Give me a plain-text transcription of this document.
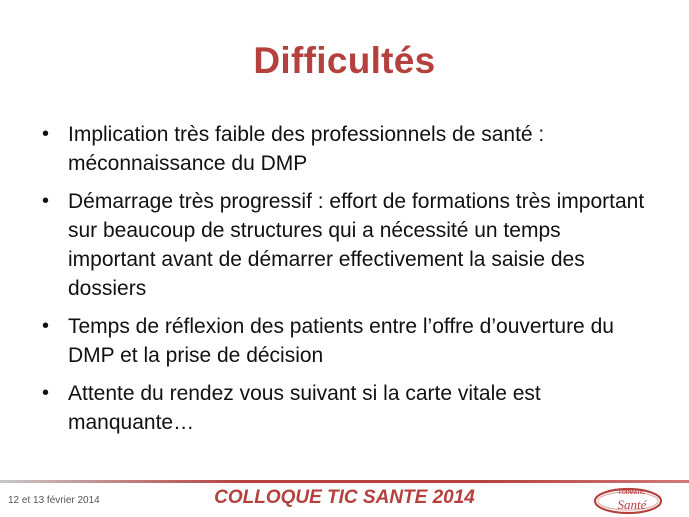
Difficultés
• Implication très faible des professionnels de santé : méconnaissance du DMP
• Démarrage très progressif : effort de formations très important sur beaucoup de structures qui a nécessité un temps important avant de démarrer effectivement la saisie des dossiers
• Temps de réflexion des patients entre l’offre d’ouverture du DMP et la prise de décision
• Attente du rendez vous suivant si la carte vitale est manquante…
12 et 13 février 2014	COLLOQUE TIC SANTE 2014	FORMATIC
Santé
